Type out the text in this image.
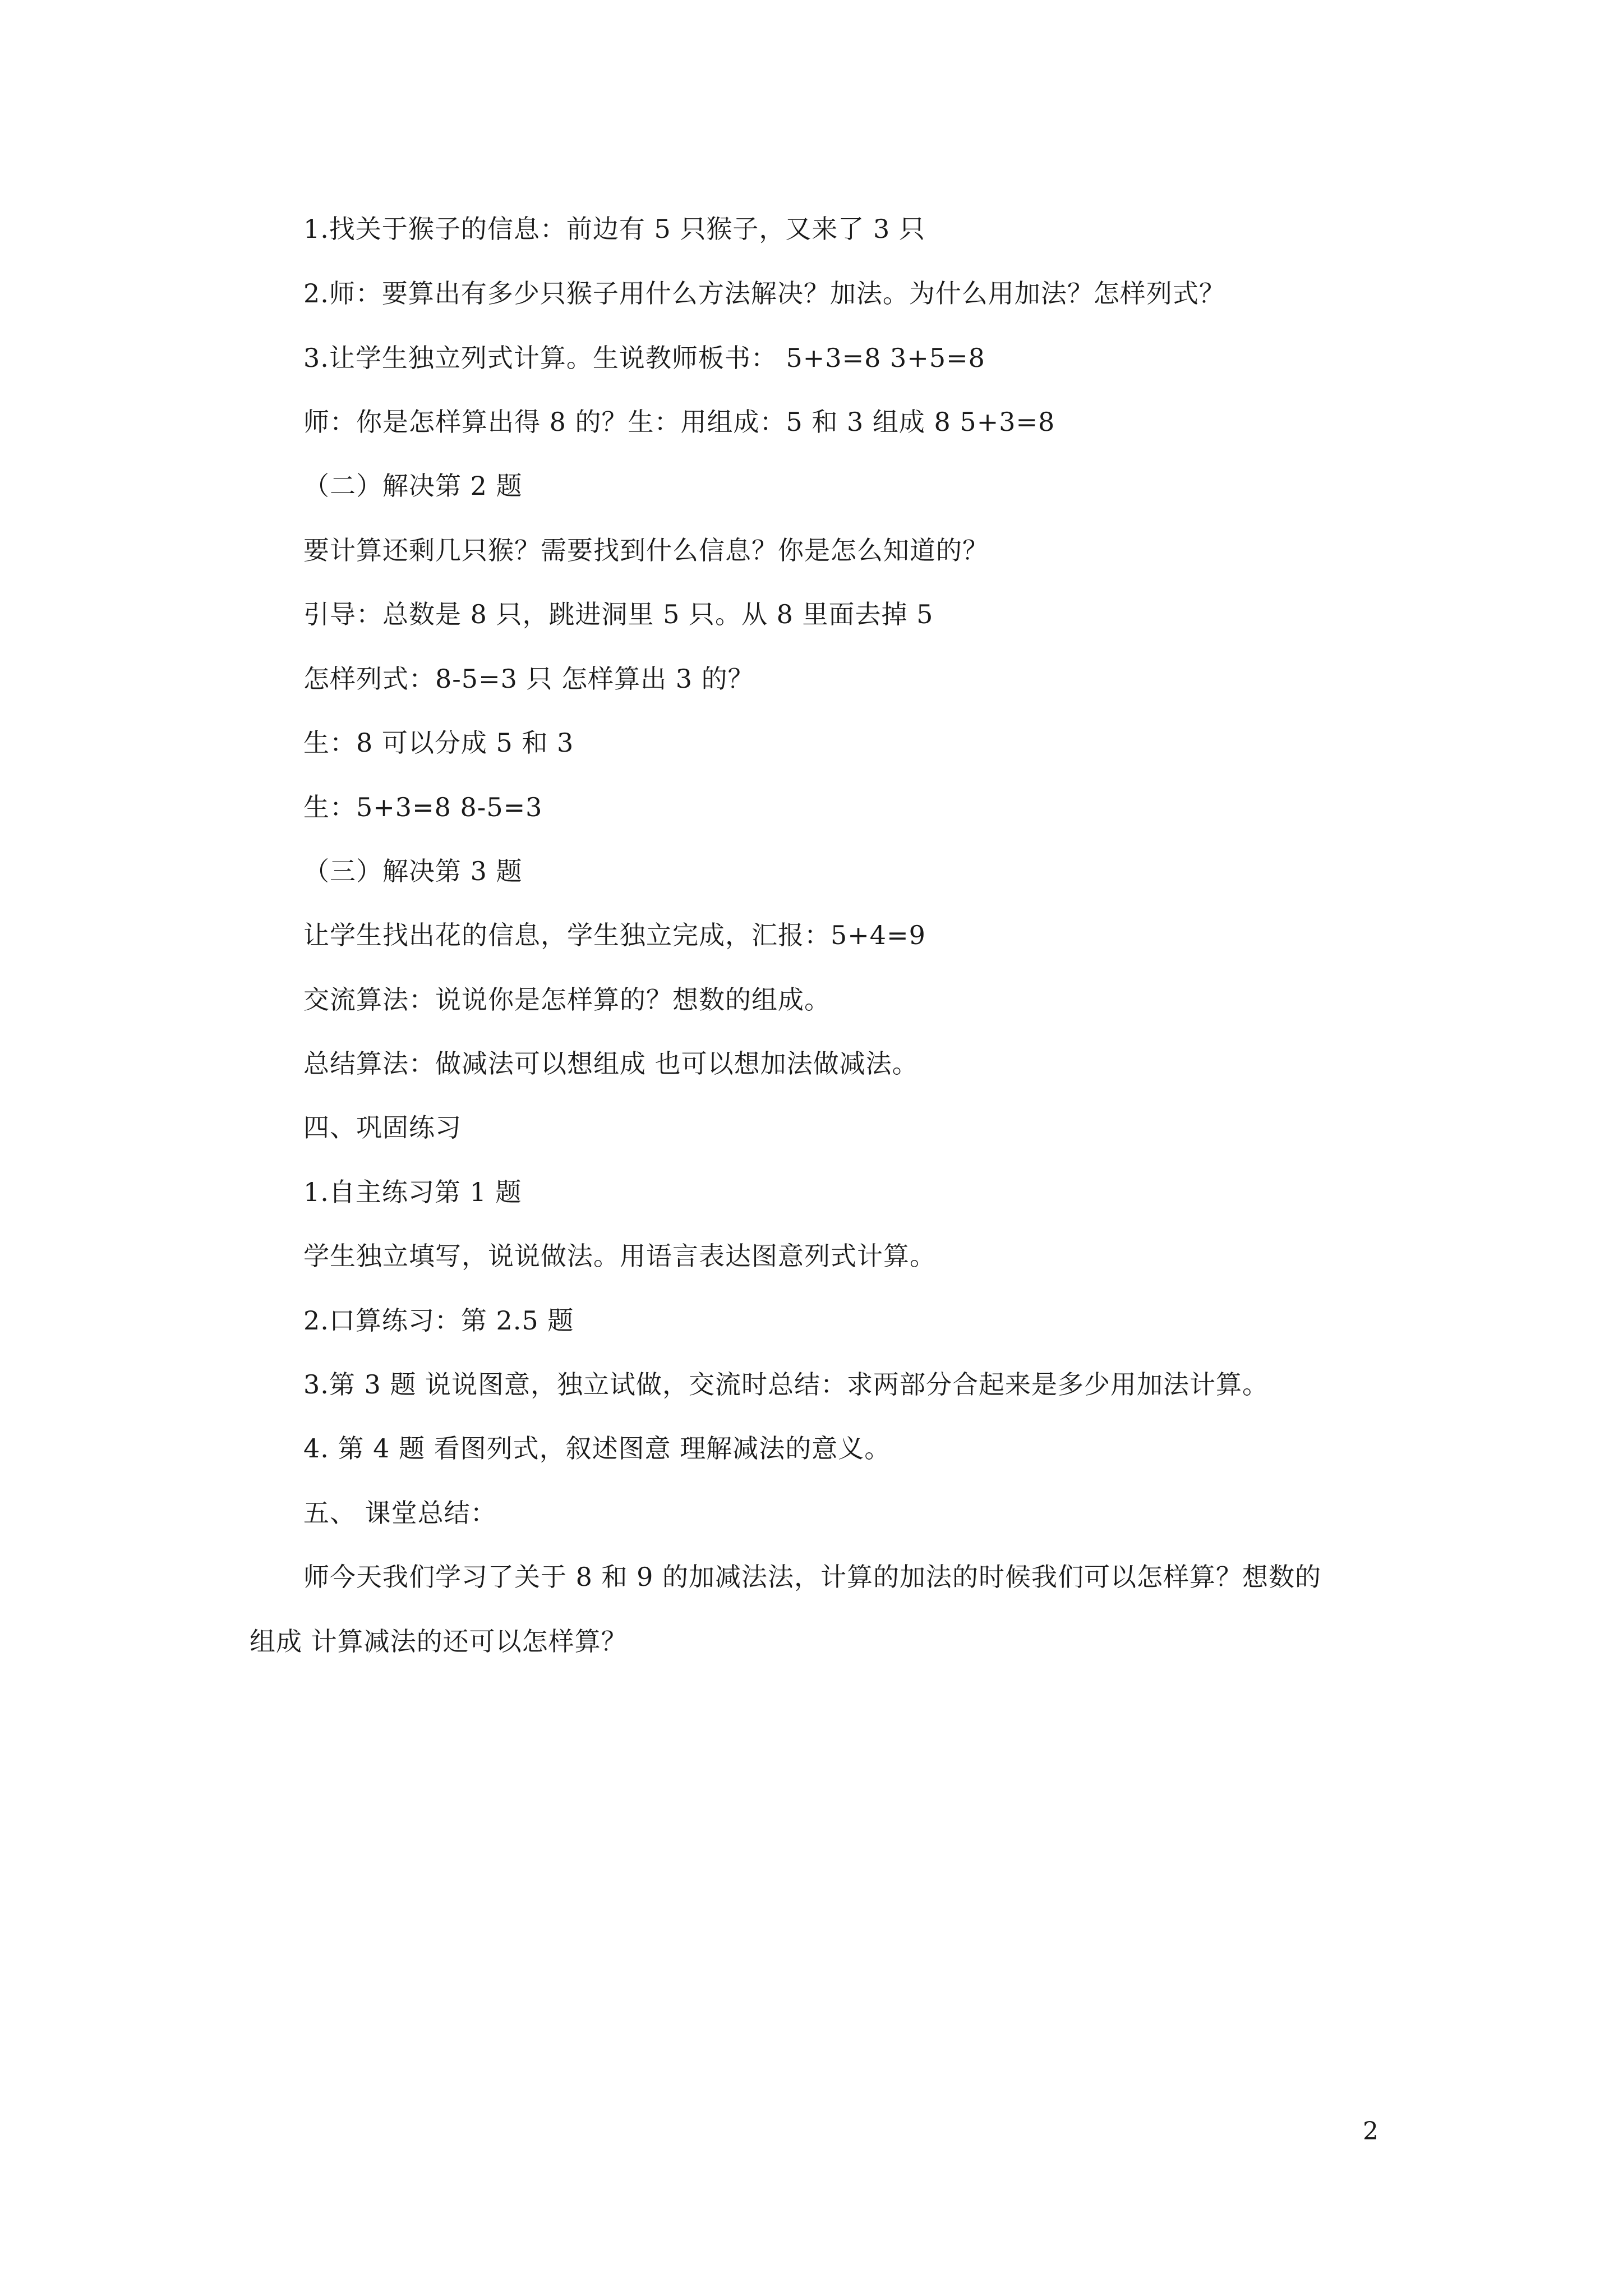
1.找关于猴子的信息：前边有 5 只猴子，又来了 3 只
2.师：要算出有多少只猴子用什么方法解决？加法。为什么用加法？怎样列式？
3.让学生独立列式计算。生说教师板书： 5+3=8 3+5=8
师：你是怎样算出得 8 的？生：用组成：5 和 3 组成 8 5+3=8
（二）解决第 2 题
要计算还剩几只猴？需要找到什么信息？你是怎么知道的？
引导：总数是 8 只，跳进洞里 5 只。从 8 里面去掉 5
怎样列式：8-5=3 只 怎样算出 3 的？
生：8 可以分成 5 和 3
生：5+3=8 8-5=3
（三）解决第 3 题
让学生找出花的信息，学生独立完成，汇报：5+4=9
交流算法：说说你是怎样算的？想数的组成。
总结算法：做减法可以想组成 也可以想加法做减法。
四、巩固练习
1.自主练习第 1 题
学生独立填写，说说做法。用语言表达图意列式计算。
2.口算练习：第 2.5 题
3.第 3 题 说说图意，独立试做，交流时总结：求两部分合起来是多少用加法计算。
4. 第 4 题 看图列式，叙述图意 理解减法的意义。
五、 课堂总结：
师今天我们学习了关于 8 和 9 的加减法法，计算的加法的时候我们可以怎样算？想数的
组成 计算减法的还可以怎样算？
2
